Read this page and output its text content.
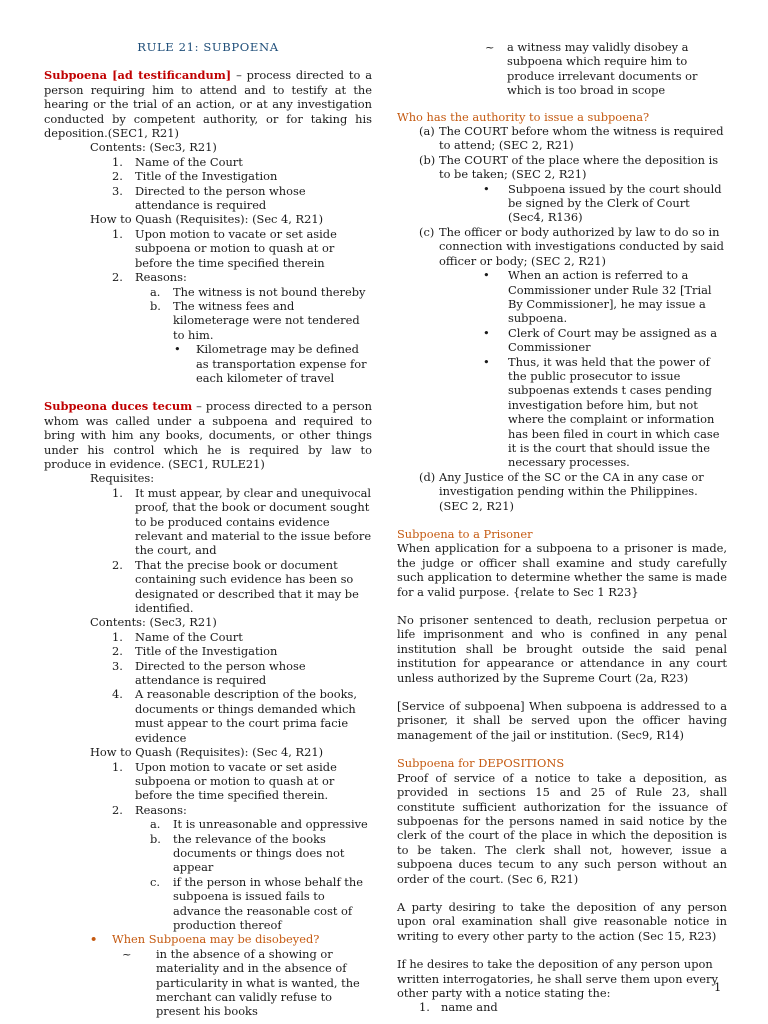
RULE 21: SUBPOENA

Subpoena [ad testificandum] – process directed to a person requiring him to attend and to testify at the hearing or the trial of an action, or at any investigation conducted by competent authority, or for taking his deposition.(SEC1, R21)

Contents: (Sec3, R21)

1.	Name of the Court
2.	Title of the Investigation
3.	Directed to the person whose attendance is required

How to Quash (Requisites): (Sec 4, R21)

1.	Upon motion to vacate or set aside subpoena or motion to quash at or before the time specified therein
2.	Reasons:
a.	The witness is not bound thereby
b.	The witness fees and kilometerage were not tendered to him.
•	Kilometrage may be defined as transportation expense for each kilometer of travel

Subpeona duces tecum – process directed to a person whom was called under a subpoena and required to bring with him any books, documents, or other things under his control which he is required by law to produce in evidence. (SEC1, RULE21)

Requisites:

1.	It must appear, by clear and unequivocal proof, that the book or document sought to be produced contains evidence relevant and material to the issue before the court, and
2.	That the precise book or document containing such evidence has been so designated or described that it may be identified.

Contents: (Sec3, R21)

1.	Name of the Court
2.	Title of the Investigation
3.	Directed to the person whose attendance is required
4.	A reasonable description of the books, documents or things demanded which must appear to the court prima facie evidence

How to Quash (Requisites): (Sec 4, R21)

1.	Upon motion to vacate or set aside subpoena or motion to quash at or before the time specified therein.
2.	Reasons:
a.	It is unreasonable and oppressive
b.	the relevance of the books documents or things does not appear
c.	if the person in whose behalf the subpoena is issued fails to advance the reasonable cost of production thereof
•	When Subpoena may be disobeyed?
~	in the absence of a showing or materiality and in the absence of particularity in what is wanted, the merchant can validly refuse to present his books
~	a witness may validly disobey a subpoena which require him to produce irrelevant documents or which is too broad in scope

Who has the authority to issue a subpoena?

(a) The COURT before whom the witness is required to attend; (SEC 2, R21)
(b) The COURT of the place where the deposition is to be taken; (SEC 2, R21)
•	Subpoena issued by the court should be signed by the Clerk of Court (Sec4, R136)
(c) The officer or body authorized by law to do so in connection with investigations conducted by said officer or body; (SEC 2, R21)
•	When an action is referred to a Commissioner under Rule 32 [Trial By Commissioner], he may issue a subpoena.
•	Clerk of Court may be assigned as a Commissioner
•	Thus, it was held that the power of the public prosecutor to issue subpoenas extends t cases pending investigation before him, but not where the complaint or information has been filed in court in which case it is the court that should issue the necessary processes.
(d) Any Justice of the SC or the CA in any case or investigation pending within the Philippines. (SEC 2, R21)

Subpoena to a Prisoner

When application for a subpoena to a prisoner is made, the judge or officer shall examine and study carefully such application to determine whether the same is made for a valid purpose. {relate to Sec 1 R23}

No prisoner sentenced to death, reclusion perpetua or life imprisonment and who is confined in any penal institution shall be brought outside the said penal institution for appearance or attendance in any court unless authorized by the Supreme Court (2a, R23)

[Service of subpoena] When subpoena is addressed to a prisoner, it shall be served upon the officer having management of the jail or institution. (Sec9, R14)

Subpoena for DEPOSITIONS

Proof of service of a notice to take a deposition, as provided in sections 15 and 25 of Rule 23, shall constitute sufficient authorization for the issuance of subpoenas for the persons named in said notice by the clerk of the court of the place in which the deposition is to be taken. The clerk shall not, however, issue a subpoena duces tecum to any such person without an order of the court. (Sec 6, R21)

A party desiring to take the deposition of any person upon oral examination shall give reasonable notice in writing to every other party to the action (Sec 15, R23)

If he desires to take the deposition of any person upon written interrogatories, he shall serve them upon every other party with a notice stating the:

1. name and
1
